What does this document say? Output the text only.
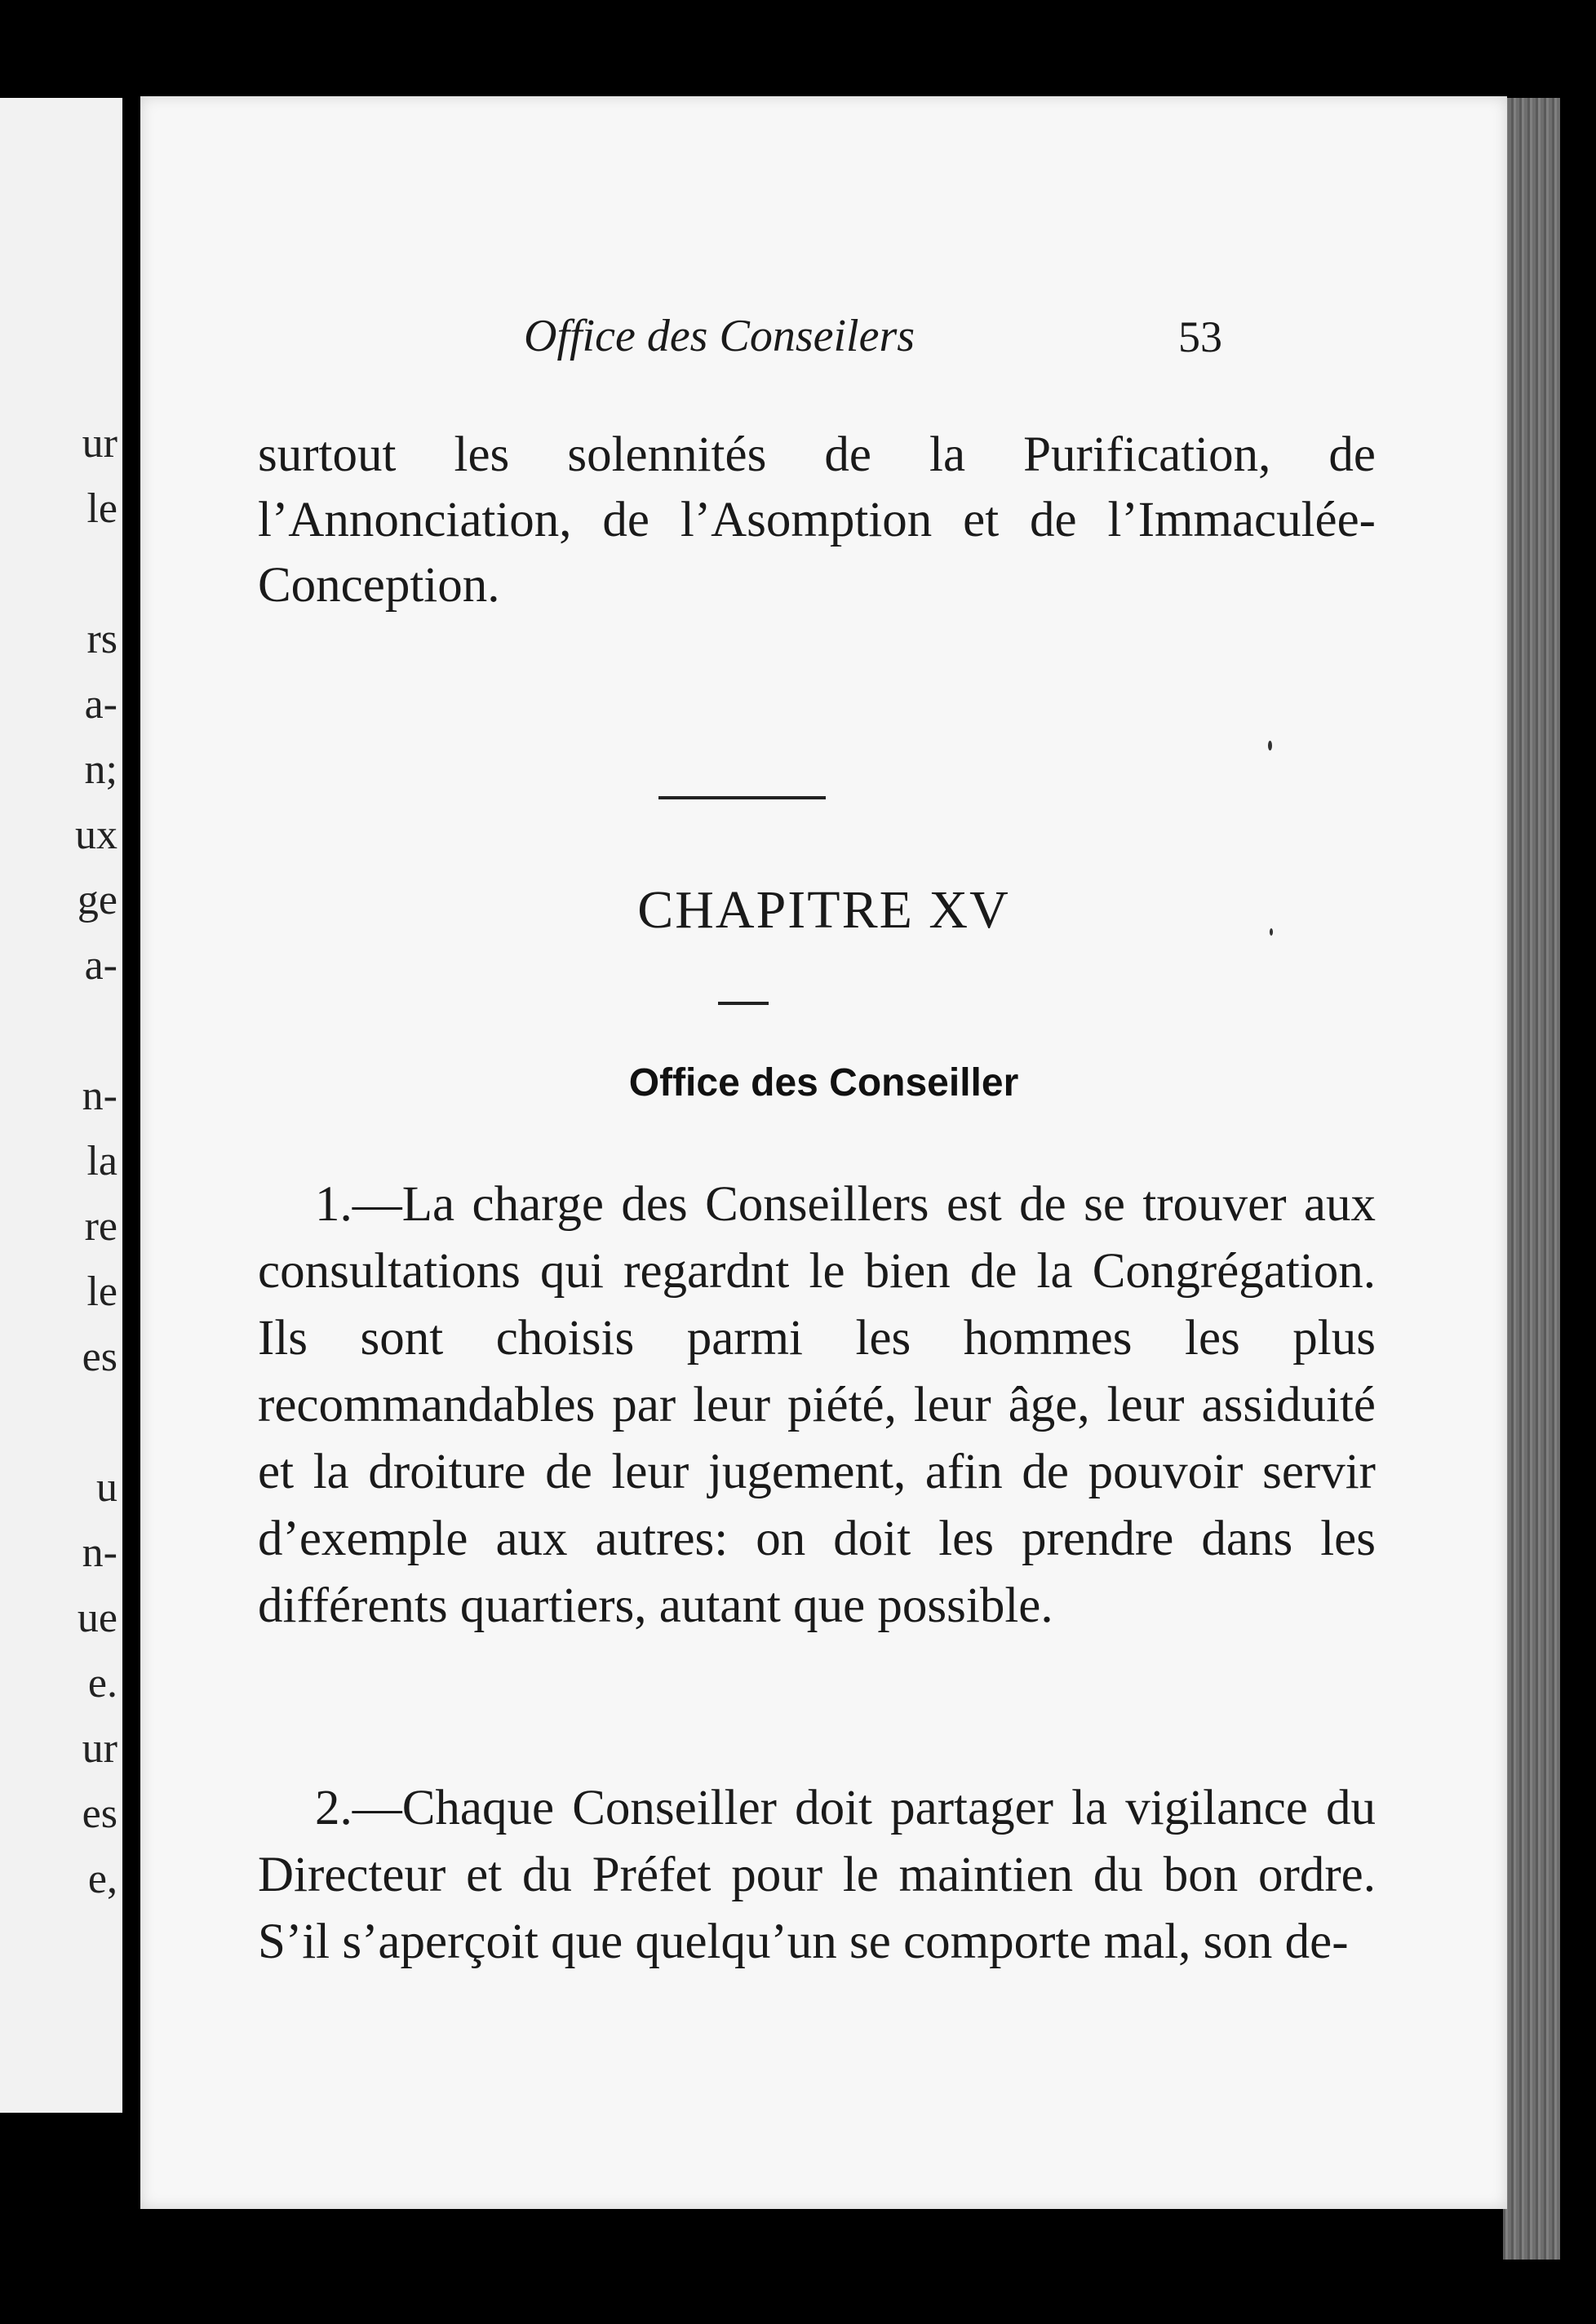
ur
le
rs
a-
n;
ux
ge
a-
n-
la
re
le
es
u
n-
ue
e.
ur
es
e,
Office des Conseilers	53
surtout les solennités de la Purification, de l’Annonciation, de l’Asomption et de l’Immaculée-Conception.
CHAPITRE XV
Office des Conseiller
1.—La charge des Conseillers est de se trouver aux consultations qui regardnt le bien de la Congrégation. Ils sont choisis parmi les hommes les plus recommandables par leur piété, leur âge, leur assiduité et la droiture de leur jugement, afin de pouvoir servir d’exemple aux autres: on doit les prendre dans les différents quartiers, autant que possible.
2.—Chaque Conseiller doit partager la vigilance du Directeur et du Préfet pour le maintien du bon ordre. S’il s’aperçoit que quelqu’un se comporte mal, son de-
